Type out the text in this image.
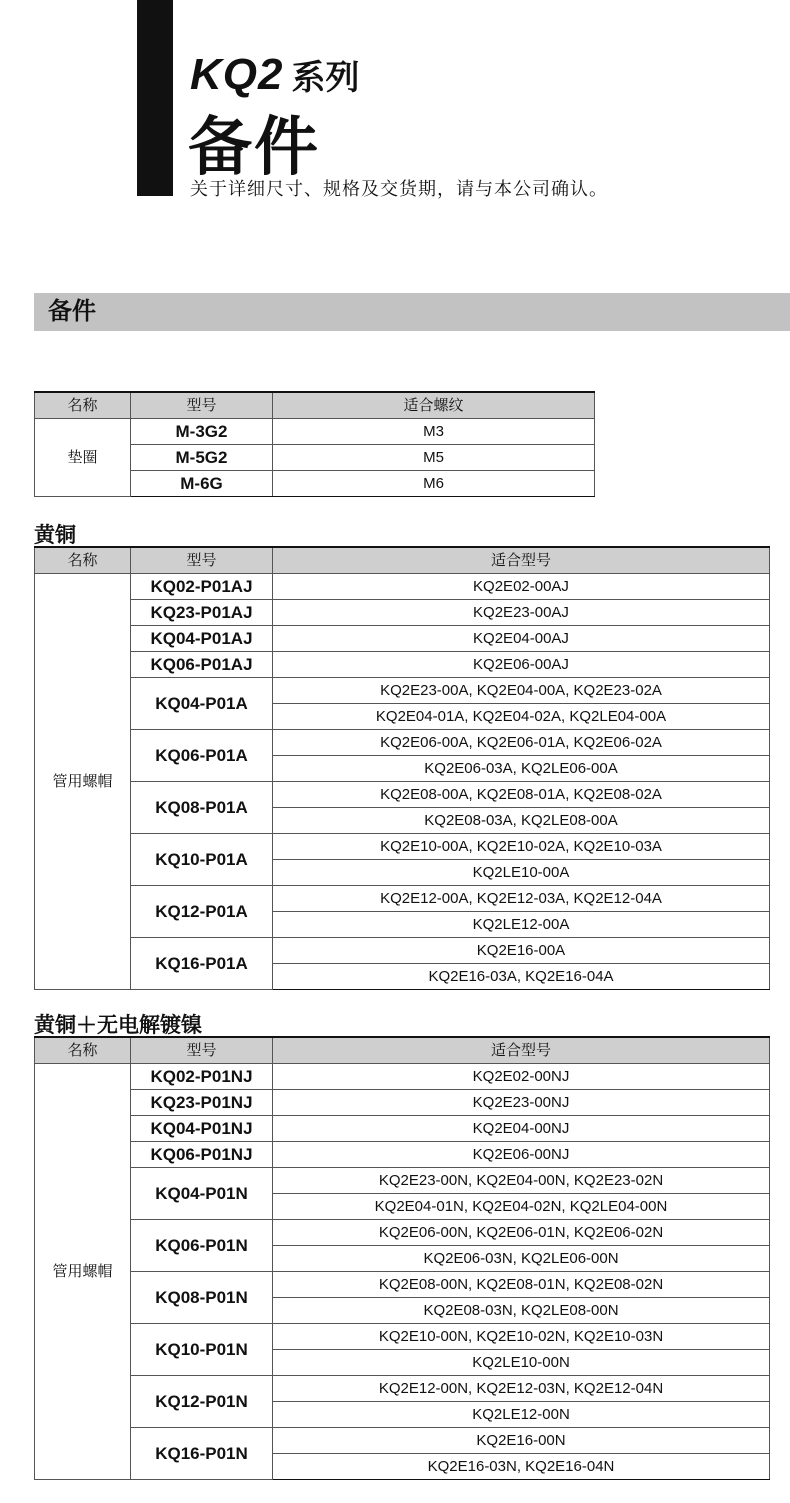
KQ2 系列
备件
关于详细尺寸、规格及交货期，请与本公司确认。
备件
名称	型号	适合螺纹
垫圈	M-3G2	M3
	M-5G2	M5
	M-6G	M6
黄铜
名称	型号	适合型号
管用螺帽	KQ02-P01AJ	KQ2E02-00AJ
	KQ23-P01AJ	KQ2E23-00AJ
	KQ04-P01AJ	KQ2E04-00AJ
	KQ06-P01AJ	KQ2E06-00AJ
	KQ04-P01A	KQ2E23-00A, KQ2E04-00A, KQ2E23-02A
		KQ2E04-01A, KQ2E04-02A, KQ2LE04-00A
	KQ06-P01A	KQ2E06-00A, KQ2E06-01A, KQ2E06-02A
		KQ2E06-03A, KQ2LE06-00A
	KQ08-P01A	KQ2E08-00A, KQ2E08-01A, KQ2E08-02A
		KQ2E08-03A, KQ2LE08-00A
	KQ10-P01A	KQ2E10-00A, KQ2E10-02A, KQ2E10-03A
		KQ2LE10-00A
	KQ12-P01A	KQ2E12-00A, KQ2E12-03A, KQ2E12-04A
		KQ2LE12-00A
	KQ16-P01A	KQ2E16-00A
		KQ2E16-03A, KQ2E16-04A
黄铜＋无电解镀镍
名称	型号	适合型号
管用螺帽	KQ02-P01NJ	KQ2E02-00NJ
	KQ23-P01NJ	KQ2E23-00NJ
	KQ04-P01NJ	KQ2E04-00NJ
	KQ06-P01NJ	KQ2E06-00NJ
	KQ04-P01N	KQ2E23-00N, KQ2E04-00N, KQ2E23-02N
		KQ2E04-01N, KQ2E04-02N, KQ2LE04-00N
	KQ06-P01N	KQ2E06-00N, KQ2E06-01N, KQ2E06-02N
		KQ2E06-03N, KQ2LE06-00N
	KQ08-P01N	KQ2E08-00N, KQ2E08-01N, KQ2E08-02N
		KQ2E08-03N, KQ2LE08-00N
	KQ10-P01N	KQ2E10-00N, KQ2E10-02N, KQ2E10-03N
		KQ2LE10-00N
	KQ12-P01N	KQ2E12-00N, KQ2E12-03N, KQ2E12-04N
		KQ2LE12-00N
	KQ16-P01N	KQ2E16-00N
		KQ2E16-03N, KQ2E16-04N
